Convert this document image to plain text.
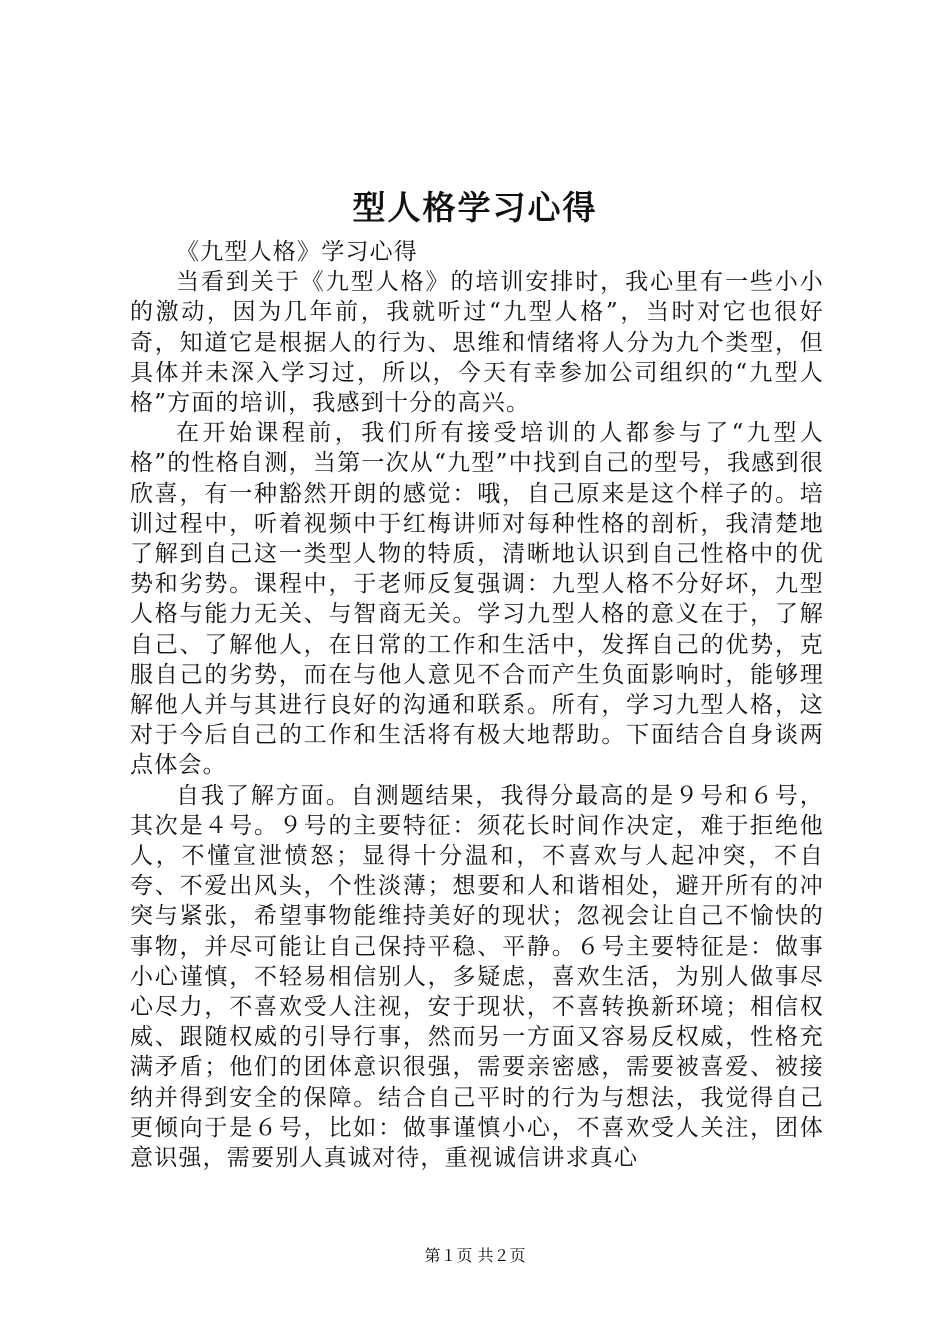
型人格学习心得

《九型人格》学习心得

当看到关于《九型人格》的培训安排时，我心里有一些小小的激动，因为几年前，我就听过“九型人格”，当时对它也很好奇，知道它是根据人的行为、思维和情绪将人分为九个类型，但具体并未深入学习过，所以，今天有幸参加公司组织的“九型人格”方面的培训，我感到十分的高兴。

在开始课程前，我们所有接受培训的人都参与了“九型人格”的性格自测，当第一次从“九型”中找到自己的型号，我感到很欣喜，有一种豁然开朗的感觉：哦，自己原来是这个样子的。培训过程中，听着视频中于红梅讲师对每种性格的剖析，我清楚地了解到自己这一类型人物的特质，清晰地认识到自己性格中的优势和劣势。课程中，于老师反复强调：九型人格不分好坏，九型人格与能力无关、与智商无关。学习九型人格的意义在于，了解自己、了解他人，在日常的工作和生活中，发挥自己的优势，克服自己的劣势，而在与他人意见不合而产生负面影响时，能够理解他人并与其进行良好的沟通和联系。所有，学习九型人格，这对于今后自己的工作和生活将有极大地帮助。下面结合自身谈两点体会。

自我了解方面。自测题结果，我得分最高的是９号和６号，其次是４号。９号的主要特征：须花长时间作决定，难于拒绝他人，不懂宣泄愤怒；显得十分温和，不喜欢与人起冲突，不自夸、不爱出风头，个性淡薄；想要和人和谐相处，避开所有的冲突与紧张，希望事物能维持美好的现状；忽视会让自己不愉快的事物，并尽可能让自己保持平稳、平静。６号主要特征是：做事小心谨慎，不轻易相信别人，多疑虑，喜欢生活，为别人做事尽心尽力，不喜欢受人注视，安于现状，不喜转换新环境；相信权威、跟随权威的引导行事，然而另一方面又容易反权威，性格充满矛盾；他们的团体意识很强，需要亲密感，需要被喜爱、被接纳并得到安全的保障。结合自己平时的行为与想法，我觉得自己更倾向于是６号，比如：做事谨慎小心，不喜欢受人关注，团体意识强，需要别人真诚对待，重视诚信讲求真心

第１页 共２页
